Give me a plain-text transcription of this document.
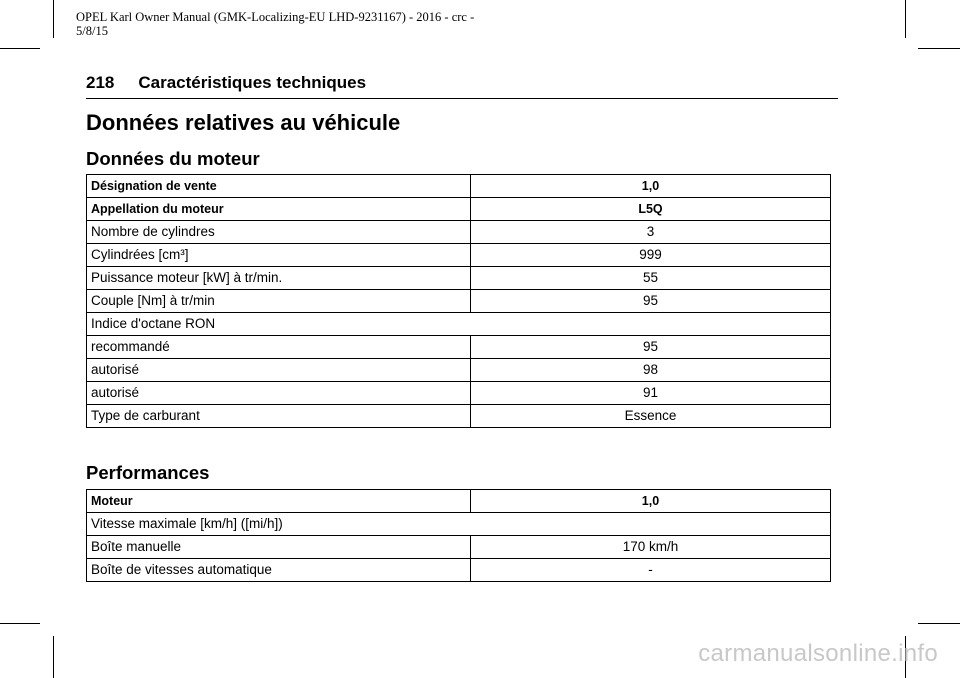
OPEL Karl Owner Manual (GMK-Localizing-EU LHD-9231167) - 2016 - crc -
5/8/15
218 Caractéristiques techniques
Données relatives au véhicule
Données du moteur
Désignation de vente	1,0
Appellation du moteur	L5Q
Nombre de cylindres	3
Cylindrées [cm³]	999
Puissance moteur [kW] à tr/min.	55
Couple [Nm] à tr/min	95
Indice d'octane RON	
recommandé	95
autorisé	98
autorisé	91
Type de carburant	Essence
Performances
Moteur	1,0
Vitesse maximale [km/h] ([mi/h])	
Boîte manuelle	170 km/h
Boîte de vitesses automatique	-
carmanualsonline.info
